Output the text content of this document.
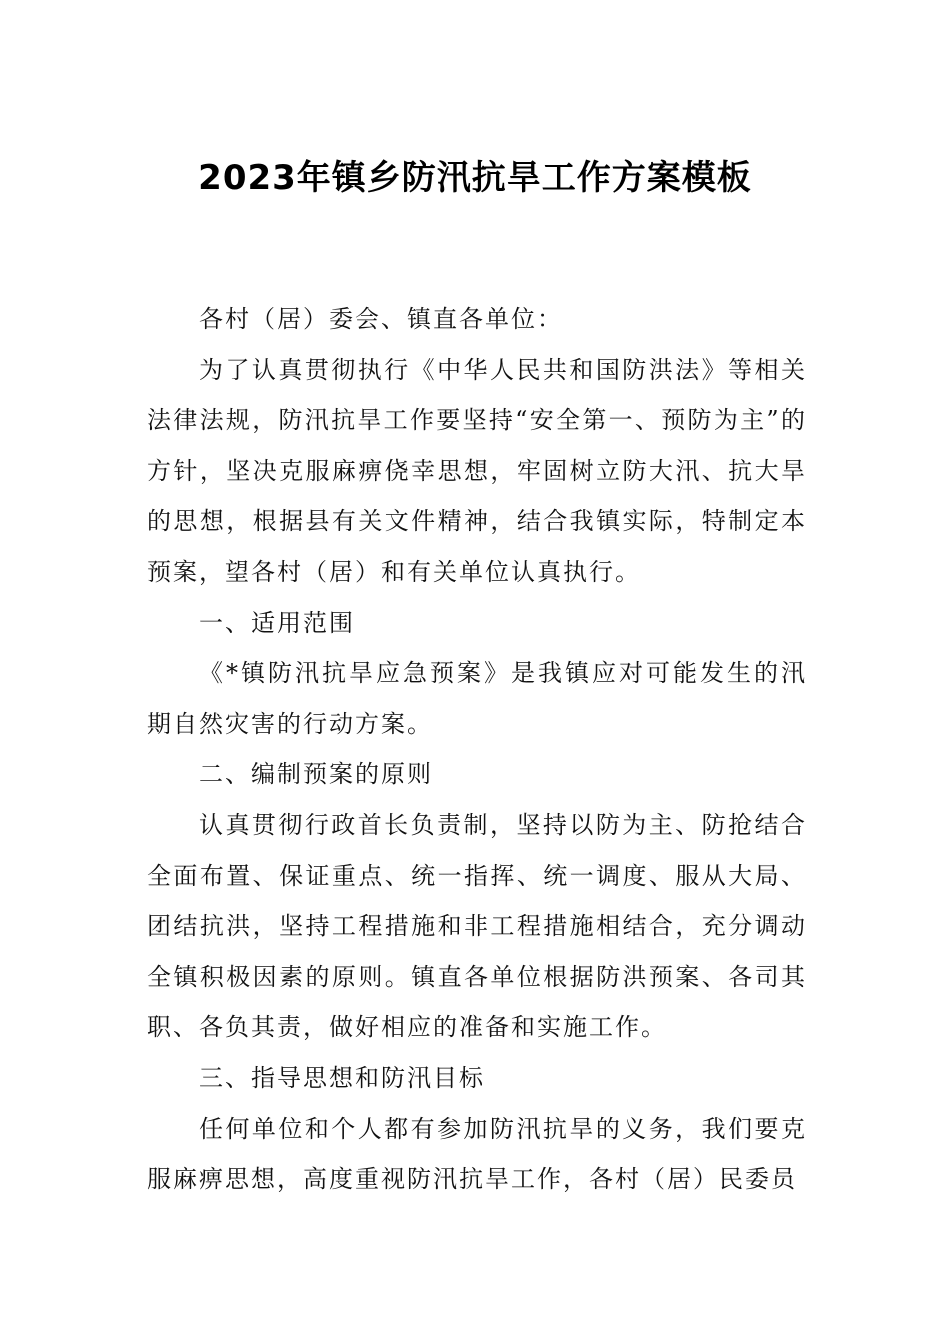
2023年镇乡防汛抗旱工作方案模板

各村（居）委会、镇直各单位：

为了认真贯彻执行《中华人民共和国防洪法》等相关法律法规，防汛抗旱工作要坚持“安全第一、预防为主”的方针，坚决克服麻痹侥幸思想，牢固树立防大汛、抗大旱的思想，根据县有关文件精神，结合我镇实际，特制定本预案，望各村（居）和有关单位认真执行。

一、适用范围

《*镇防汛抗旱应急预案》是我镇应对可能发生的汛期自然灾害的行动方案。

二、编制预案的原则

认真贯彻行政首长负责制，坚持以防为主、防抢结合全面布置、保证重点、统一指挥、统一调度、服从大局、团结抗洪，坚持工程措施和非工程措施相结合，充分调动全镇积极因素的原则。镇直各单位根据防洪预案、各司其职、各负其责，做好相应的准备和实施工作。

三、指导思想和防汛目标

任何单位和个人都有参加防汛抗旱的义务，我们要克服麻痹思想，高度重视防汛抗旱工作，各村（居）民委员
